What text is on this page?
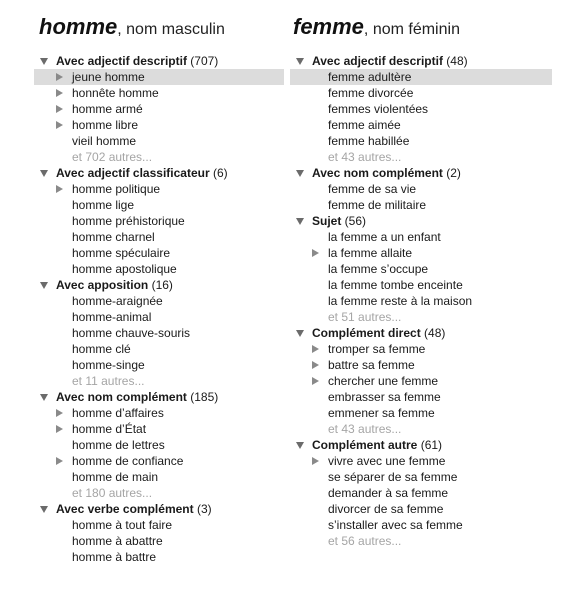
homme, nom masculin
Avec adjectif descriptif (707)
jeune homme
honnête homme
homme armé
homme libre
vieil homme
et 702 autres...
Avec adjectif classificateur (6)
homme politique
homme lige
homme préhistorique
homme charnel
homme spéculaire
homme apostolique
Avec apposition (16)
homme-araignée
homme-animal
homme chauve-souris
homme clé
homme-singe
et 11 autres...
Avec nom complément (185)
homme d’affaires
homme d’État
homme de lettres
homme de confiance
homme de main
et 180 autres...
Avec verbe complément (3)
homme à tout faire
homme à abattre
homme à battre
femme, nom féminin
Avec adjectif descriptif (48)
femme adultère
femme divorcée
femmes violentées
femme aimée
femme habillée
et 43 autres...
Avec nom complément (2)
femme de sa vie
femme de militaire
Sujet (56)
la femme a un enfant
la femme allaite
la femme s’occupe
la femme tombe enceinte
la femme reste à la maison
et 51 autres...
Complément direct (48)
tromper sa femme
battre sa femme
chercher une femme
embrasser sa femme
emmener sa femme
et 43 autres...
Complément autre (61)
vivre avec une femme
se séparer de sa femme
demander à sa femme
divorcer de sa femme
s’installer avec sa femme
et 56 autres...
